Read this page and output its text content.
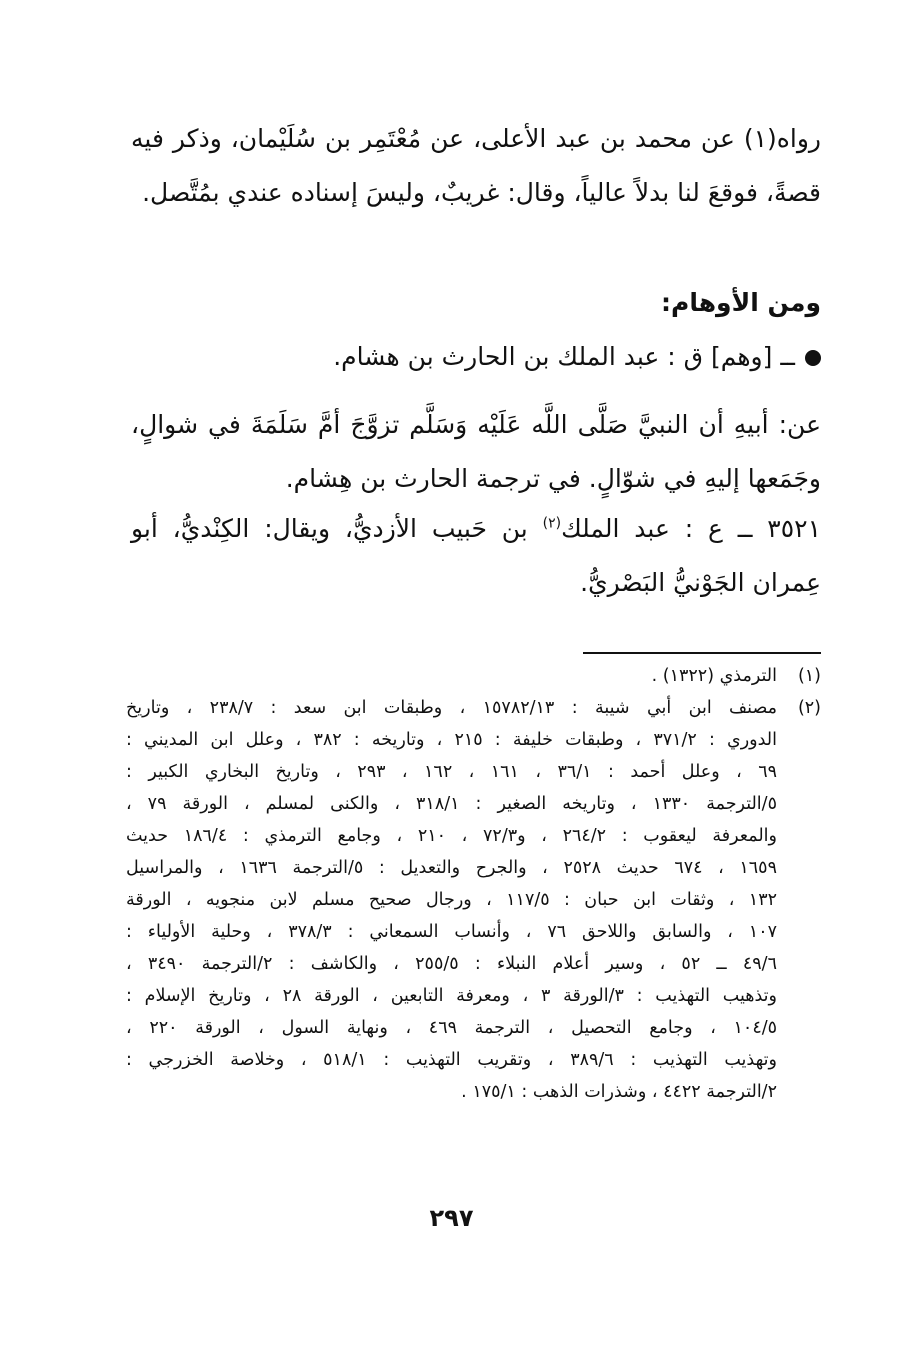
رواه(١) عن محمد بن عبد الأعلى، عن مُعْتَمِر بن سُلَيْمان، وذكر فيه قصةً، فوقعَ لنا بدلاً عالياً، وقال: غريبٌ، وليسَ إسناده عندي بمُتَّصل.
ومن الأوهام:
ــ [وهم] ق : عبد الملك بن الحارث بن هشام.
عن: أبيهِ أن النبيَّ صَلَّى اللَّه عَلَيْه وَسَلَّم تزوَّجَ أمَّ سَلَمَةَ في شوالٍ، وجَمَعها إليهِ في شوّالٍ. في ترجمة الحارث بن هِشام.
٣٥٢١ ــ ع : عبد الملك$^{(٢)}$ بن حَبيب الأزديُّ، ويقال: الكِنْديُّ، أبو عِمران الجَوْنيُّ البَصْريُّ.
(١)
الترمذي (١٣٢٢) .
(٢)
مصنف ابن أبي شيبة : ١٥٧٨٢/١٣ ، وطبقات ابن سعد : ٢٣٨/٧ ، وتاريخ
الدوري : ٣٧١/٢ ، وطبقات خليفة : ٢١٥ ، وتاريخه : ٣٨٢ ، وعلل ابن المديني :
٦٩ ، وعلل أحمد : ٣٦/١ ، ١٦١ ، ١٦٢ ، ٢٩٣ ، وتاريخ البخاري الكبير :
٥/الترجمة ١٣٣٠ ، وتاريخه الصغير : ٣١٨/١ ، والكنى لمسلم ، الورقة ٧٩ ،
والمعرفة ليعقوب : ٢٦٤/٢ ، و٧٢/٣ ، ٢١٠ ، وجامع الترمذي : ١٨٦/٤ حديث
١٦٥٩ ، ٦٧٤ حديث ٢٥٢٨ ، والجرح والتعديل : ٥/الترجمة ١٦٣٦ ، والمراسيل
١٣٢ ، وثقات ابن حبان : ١١٧/٥ ، ورجال صحيح مسلم لابن منجويه ، الورقة
١٠٧ ، والسابق واللاحق ٧٦ ، وأنساب السمعاني : ٣٧٨/٣ ، وحلية الأولياء :
٤٩/٦ ــ ٥٢ ، وسير أعلام النبلاء : ٢٥٥/٥ ، والكاشف : ٢/الترجمة ٣٤٩٠ ،
وتذهيب التهذيب : ٣/الورقة ٣ ، ومعرفة التابعين ، الورقة ٢٨ ، وتاريخ الإسلام :
١٠٤/٥ ، وجامع التحصيل ، الترجمة ٤٦٩ ، ونهاية السول ، الورقة ٢٢٠ ،
وتهذيب التهذيب : ٣٨٩/٦ ، وتقريب التهذيب : ٥١٨/١ ، وخلاصة الخزرجي :
٢/الترجمة ٤٤٢٢ ، وشذرات الذهب : ١٧٥/١ .
٢٩٧
